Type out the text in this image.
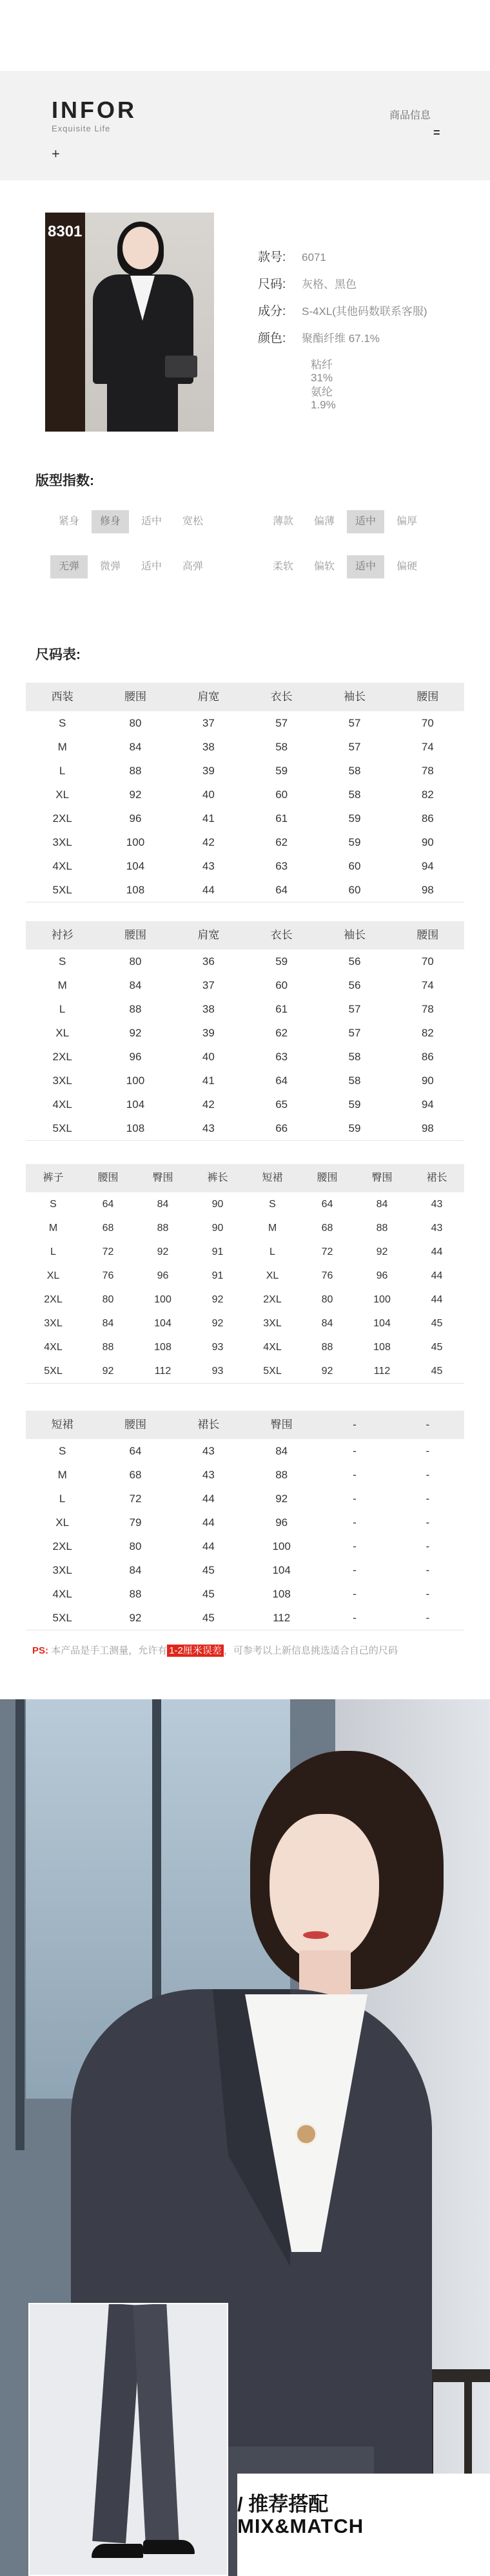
INFOR
Exquisite Life
+
商品信息
=
8301
款号: 6071
尺码: 灰格、黑色
成分: S-4XL(其他码数联系客服)
颜色: 聚酯纤维 67.1%
粘纤 31%
氨纶 1.9%
版型指数:
紧身	修身	适中	宽松	薄款	偏薄	适中	偏厚
无弹	微弹	适中	高弹	柔软	偏软	适中	偏硬
尺码表:
西装	腰围	肩宽	衣长	袖长	腰围
S	80	37	57	57	70
M	84	38	58	57	74
L	88	39	59	58	78
XL	92	40	60	58	82
2XL	96	41	61	59	86
3XL	100	42	62	59	90
4XL	104	43	63	60	94
5XL	108	44	64	60	98
衬衫	腰围	肩宽	衣长	袖长	腰围
S	80	36	59	56	70
M	84	37	60	56	74
L	88	38	61	57	78
XL	92	39	62	57	82
2XL	96	40	63	58	86
3XL	100	41	64	58	90
4XL	104	42	65	59	94
5XL	108	43	66	59	98
裤子	腰围	臀围	裤长	短裙	腰围	臀围	裙长
S	64	84	90	S	64	84	43
M	68	88	90	M	68	88	43
L	72	92	91	L	72	92	44
XL	76	96	91	XL	76	96	44
2XL	80	100	92	2XL	80	100	44
3XL	84	104	92	3XL	84	104	45
4XL	88	108	93	4XL	88	108	45
5XL	92	112	93	5XL	92	112	45
短裙	腰围	裙长	臀围	-	-
S	64	43	84	-	-
M	68	43	88	-	-
L	72	44	92	-	-
XL	79	44	96	-	-
2XL	80	44	100	-	-
3XL	84	45	104	-	-
4XL	88	45	108	-	-
5XL	92	45	112	-	-
PS: 本产品是手工测量，允许有 1-2厘米误差 ，可参考以上新信息挑选适合自己的尺码
/ 推荐搭配
MIX&MATCH
